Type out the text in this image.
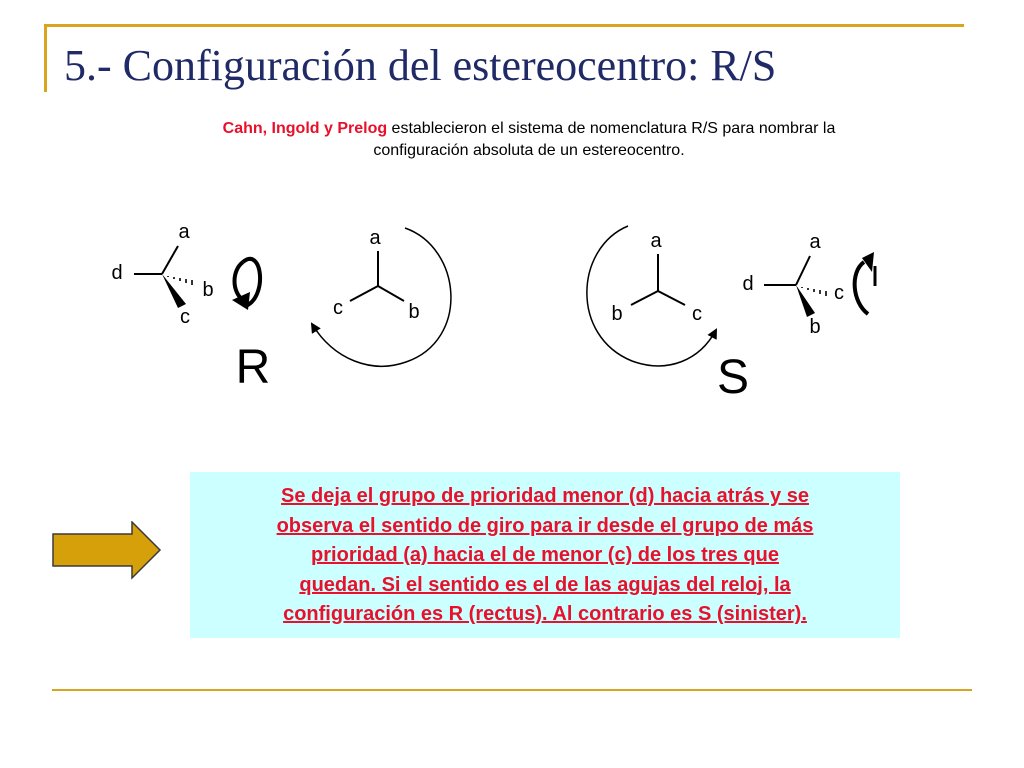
5.- Configuración del estereocentro: R/S
Cahn, Ingold y Prelog establecieron el sistema de nomenclatura R/S para nombrar la configuración absoluta de un estereocentro.
a
b
c
d
a
b
c
R
a
b	c
S
a
d	c
b
Se deja el grupo de prioridad menor (d) hacia atrás y se
observa el sentido de giro para ir desde el grupo de más
prioridad (a) hacia el de menor (c) de los tres que
quedan. Si el sentido es el de las agujas del reloj, la
configuración es R (rectus). Al contrario es S (sinister).
